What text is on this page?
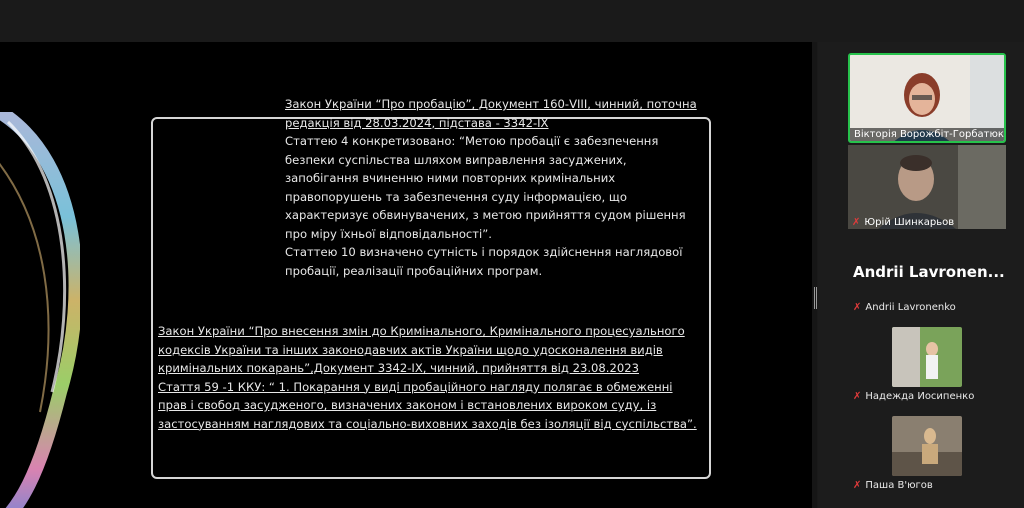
Закон України “Про пробацію”, Документ 160-VIII, чинний, поточна
редакція від 28.03.2024, підстава - 3342-IX
Статтею 4 конкретизовано: “Метою пробації є забезпечення
безпеки суспільства шляхом виправлення засуджених,
запобігання вчиненню ними повторних кримінальних
правопорушень та забезпечення суду інформацією, що
характеризує обвинувачених, з метою прийняття судом рішення
про міру їхньої відповідальності”.
Статтею 10 визначено сутність і порядок здійснення наглядової
пробації, реалізації пробаційних програм.

Закон України “Про внесення змін до Кримінального, Кримінального процесуального
кодексів України та інших законодавчих актів України щодо удосконалення видів
кримінальних покарань”,Документ 3342-IX, чинний, прийняття від 23.08.2023
Стаття 59 -1 ККУ: “ 1. Покарання у виді пробаційного нагляду полягає в обмеженні
прав і свобод засудженого, визначених законом і встановлених вироком суду, із
застосуванням наглядових та соціально-виховних заходів без ізоляції від суспільства”.

Вікторія Ворожбіт-Горбатюк
✗ Юрій Шинкарьов
Andrii Lavronen...
✗ Andrii Lavronenko
✗ Надежда Иосипенко
✗ Паша В'югов
